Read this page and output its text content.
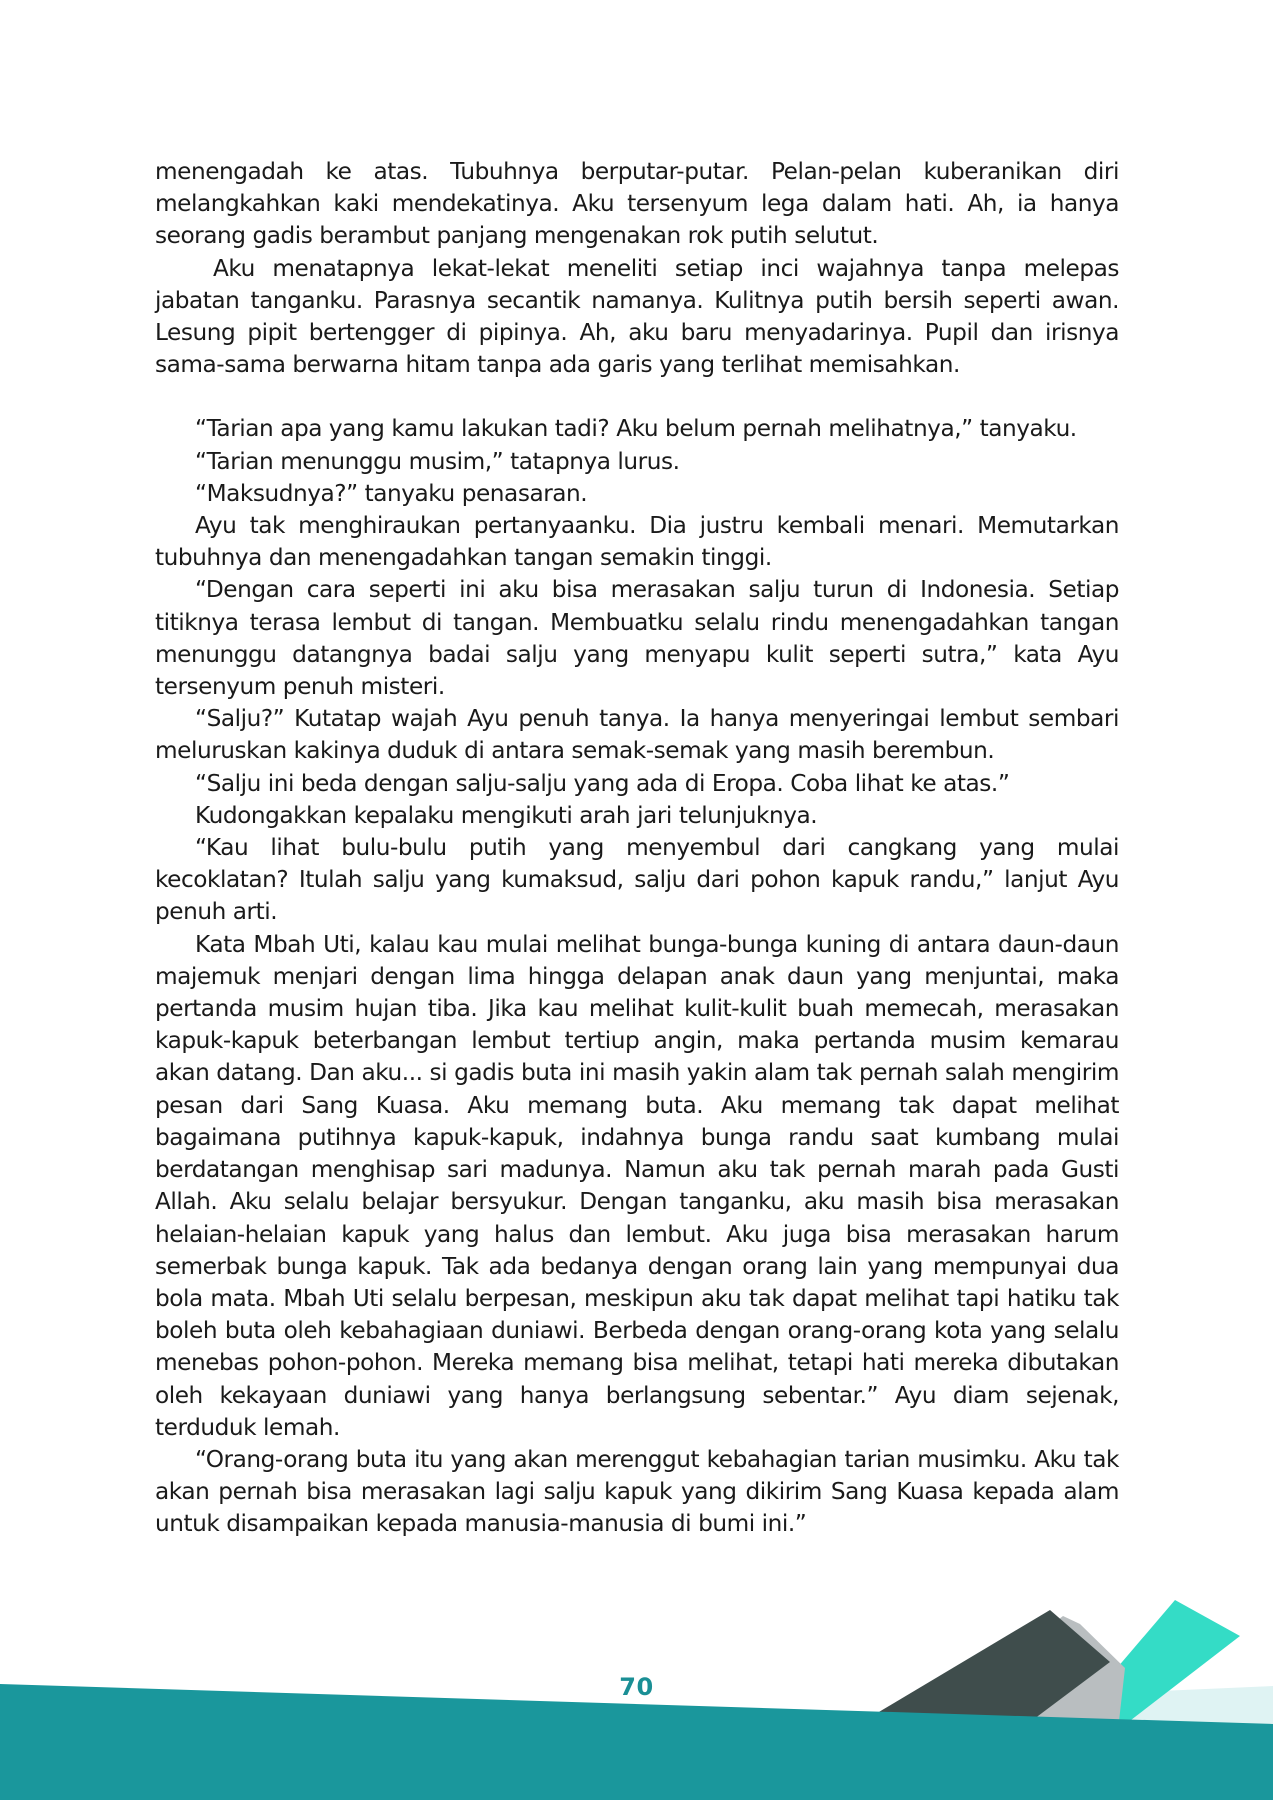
menengadah ke atas. Tubuhnya berputar-putar. Pelan-pelan kuberanikan diri melangkahkan kaki mendekatinya. Aku tersenyum lega dalam hati. Ah, ia hanya seorang gadis berambut panjang mengenakan rok putih selutut.

Aku menatapnya lekat-lekat meneliti setiap inci wajahnya tanpa melepas jabatan tanganku. Parasnya secantik namanya. Kulitnya putih bersih seperti awan. Lesung pipit bertengger di pipinya. Ah, aku baru menyadarinya. Pupil dan irisnya sama-sama berwarna hitam tanpa ada garis yang terlihat memisahkan.

“Tarian apa yang kamu lakukan tadi? Aku belum pernah melihatnya,” tanyaku.

“Tarian menunggu musim,” tatapnya lurus.

“Maksudnya?” tanyaku penasaran.

Ayu tak menghiraukan pertanyaanku. Dia justru kembali menari. Memutarkan tubuhnya dan menengadahkan tangan semakin tinggi.

“Dengan cara seperti ini aku bisa merasakan salju turun di Indonesia. Setiap titiknya terasa lembut di tangan. Membuatku selalu rindu menengadahkan tangan menunggu datangnya badai salju yang menyapu kulit seperti sutra,” kata Ayu tersenyum penuh misteri.

“Salju?” Kutatap wajah Ayu penuh tanya. Ia hanya menyeringai lembut sembari meluruskan kakinya duduk di antara semak-semak yang masih berembun.

“Salju ini beda dengan salju-salju yang ada di Eropa. Coba lihat ke atas.”

Kudongakkan kepalaku mengikuti arah jari telunjuknya.

“Kau lihat bulu-bulu putih yang menyembul dari cangkang yang mulai kecoklatan? Itulah salju yang kumaksud, salju dari pohon kapuk randu,” lanjut Ayu penuh arti.

Kata Mbah Uti, kalau kau mulai melihat bunga-bunga kuning di antara daun-daun majemuk menjari dengan lima hingga delapan anak daun yang menjuntai, maka pertanda musim hujan tiba. Jika kau melihat kulit-kulit buah memecah, merasakan kapuk-kapuk beterbangan lembut tertiup angin, maka pertanda musim kemarau akan datang. Dan aku... si gadis buta ini masih yakin alam tak pernah salah mengirim pesan dari Sang Kuasa. Aku memang buta. Aku memang tak dapat melihat bagaimana putihnya kapuk-kapuk, indahnya bunga randu saat kumbang mulai berdatangan menghisap sari madunya. Namun aku tak pernah marah pada Gusti Allah. Aku selalu belajar bersyukur. Dengan tanganku, aku masih bisa merasakan helaian-helaian kapuk yang halus dan lembut. Aku juga bisa merasakan harum semerbak bunga kapuk. Tak ada bedanya dengan orang lain yang mempunyai dua bola mata. Mbah Uti selalu berpesan, meskipun aku tak dapat melihat tapi hatiku tak boleh buta oleh kebahagiaan duniawi. Berbeda dengan orang-orang kota yang selalu menebas pohon-pohon. Mereka memang bisa melihat, tetapi hati mereka dibutakan oleh kekayaan duniawi yang hanya berlangsung sebentar.” Ayu diam sejenak, terduduk lemah.

“Orang-orang buta itu yang akan merenggut kebahagian tarian musimku. Aku tak akan pernah bisa merasakan lagi salju kapuk yang dikirim Sang Kuasa kepada alam untuk disampaikan kepada manusia-manusia di bumi ini.”

70
